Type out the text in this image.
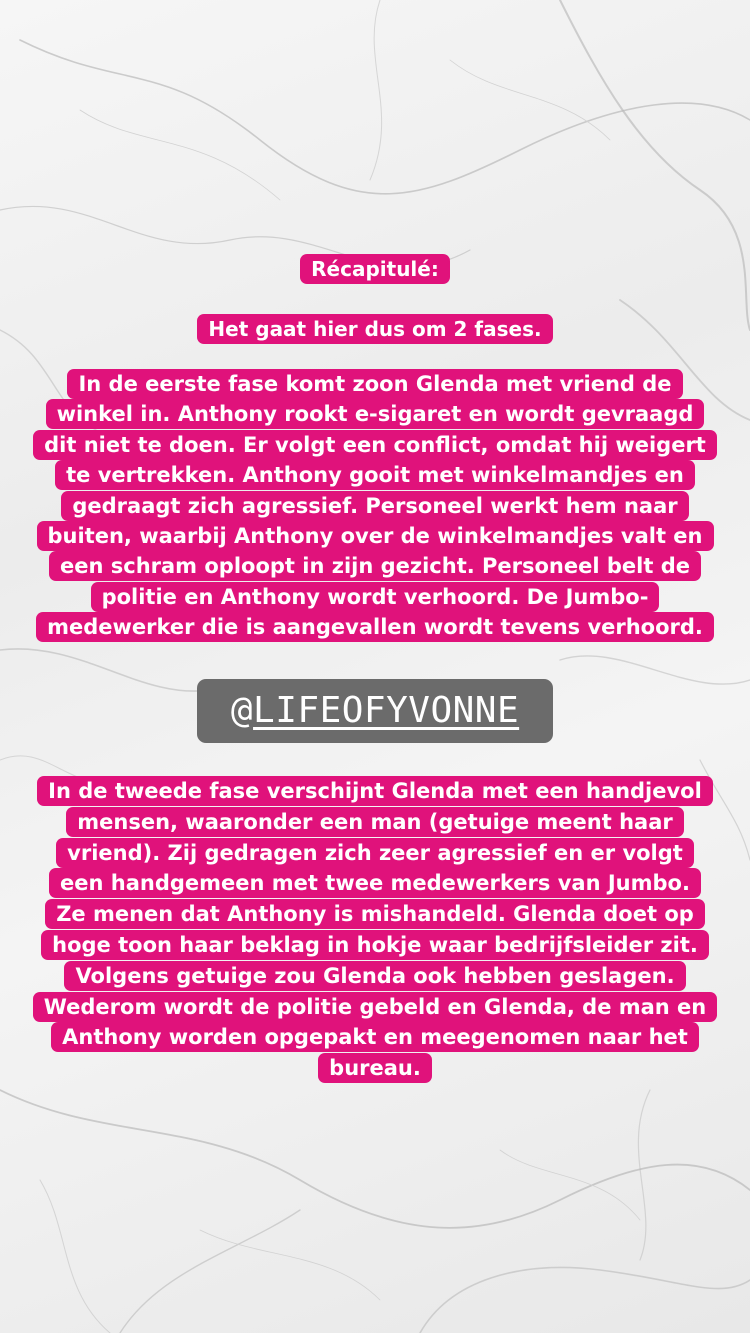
Récapitulé:
Het gaat hier dus om 2 fases.
In de eerste fase komt zoon Glenda met vriend de
winkel in. Anthony rookt e-sigaret en wordt gevraagd
dit niet te doen. Er volgt een conflict, omdat hij weigert
te vertrekken. Anthony gooit met winkelmandjes en
gedraagt zich agressief. Personeel werkt hem naar
buiten, waarbij Anthony over de winkelmandjes valt en
een schram oploopt in zijn gezicht. Personeel belt de
politie en Anthony wordt verhoord. De Jumbo-
medewerker die is aangevallen wordt tevens verhoord.
@LIFEOFYVONNE
In de tweede fase verschijnt Glenda met een handjevol
mensen, waaronder een man (getuige meent haar
vriend). Zij gedragen zich zeer agressief en er volgt
een handgemeen met twee medewerkers van Jumbo.
Ze menen dat Anthony is mishandeld. Glenda doet op
hoge toon haar beklag in hokje waar bedrijfsleider zit.
Volgens getuige zou Glenda ook hebben geslagen.
Wederom wordt de politie gebeld en Glenda, de man en
Anthony worden opgepakt en meegenomen naar het
bureau.
